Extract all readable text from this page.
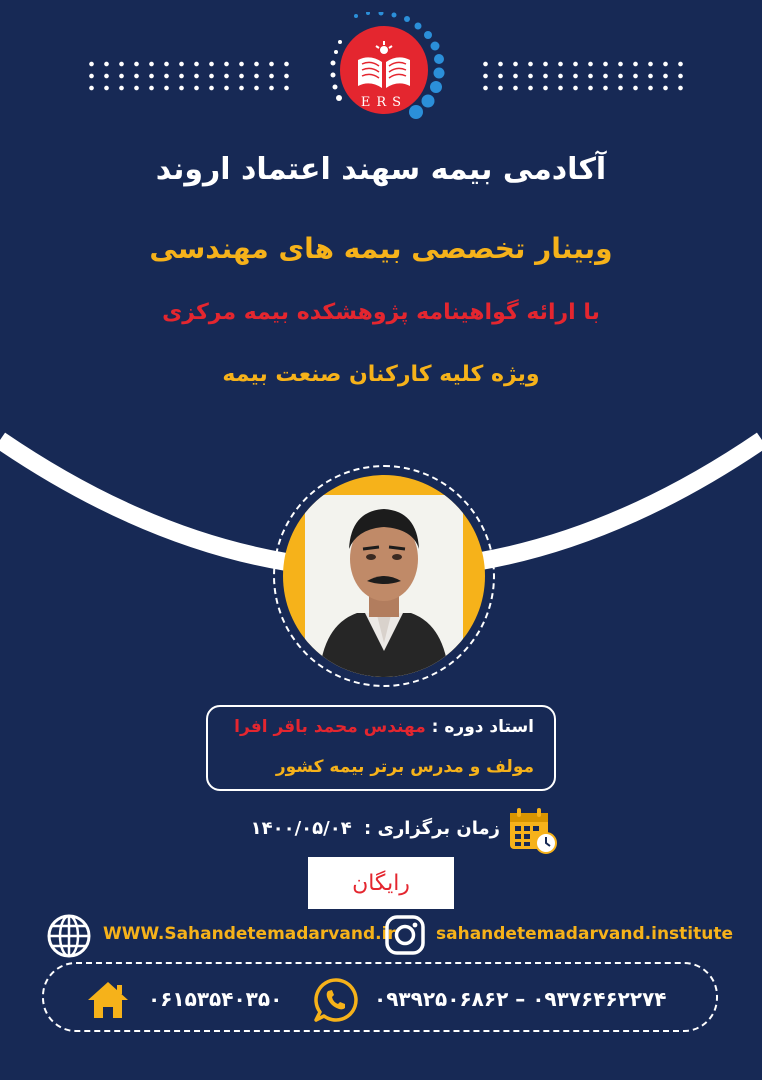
ERS
آکادمی بیمه سهند اعتماد اروند
وبینار تخصصی بیمه های مهندسی
با ارائه گواهینامه پژوهشکده بیمه مرکزی
ویژه کلیه کارکنان صنعت بیمه
استاد دوره : مهندس محمد باقر افرا
مولف و مدرس برتر بیمه کشور
زمان برگزاری : ۱۴۰۰/۰۵/۰۴
رایگان
WWW.Sahandetemadarvand.ir sahandetemadarvand.institute
۰۶۱۵۳۵۴۰۳۵۰	۰۹۳۹۲۵۰۶۸۶۲ – ۰۹۳۷۶۴۶۲۲۷۴
